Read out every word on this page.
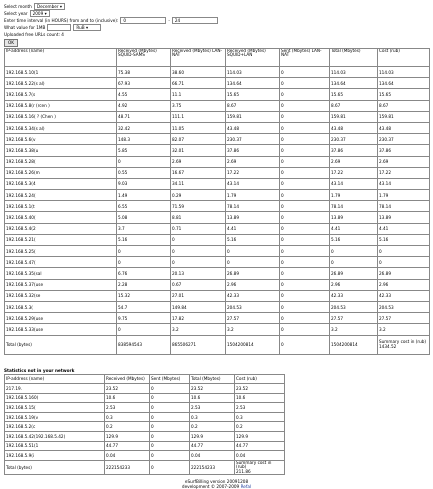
Select month	December ▾
Select year	2009 ▾
Enter time interval (in HOURS) from and to (inclusive):	0	-	24
What value for 1MB	RuB ▾
Uploaded free URLs count: 4
OK
IP-address (name)	Received (Mbytes) SQUID-SAMS	Received (Mbytes) LAN-NAT	Received (Mbytes) SQUID+LAN	Sent (Mbytes) LAN-NAT	Total (Mbytes)	Cost (rub)
192.168.5.10(1	75.38	38.60	114.03	0	114.03	114.03
192.168.5.22(s al)	67.93	66.71	134.64	0	134.64	134.64
192.168.5.7(s	4.55	11.1	15.65	0	15.65	15.65
192.168.5.8(r (rcen )	4.92	3.75	8.67	0	8.67	8.67
192.168.5.16( ? (Chen )	48.71	111.1	159.81	0	159.81	159.81
192.168.5.34(s al)	32.42	11.05	43.48	0	43.48	43.48
192.168.5.6(v	148.3	82.07	230.37	0	230.37	230.37
192.168.5.38(u	5.85	32.01	37.86	0	37.86	37.86
192.168.5.28(	0	2.69	2.69	0	2.69	2.69
192.168.5.26(m	0.55	16.67	17.22	0	17.22	17.22
192.168.5.3(4	9.03	34.11	43.14	0	43.14	43.14
192.168.5.24(	1.49	0.29	1.79	0	1.79	1.79
192.168.5.1(t	6.55	71.59	78.14	0	78.14	78.14
192.168.5.40(	5.08	8.81	13.89	0	13.89	13.89
192.168.5.4(2	3.7	0.71	4.41	0	4.41	4.41
192.168.5.21(	5.16	0	5.16	0	5.16	5.16
192.168.5.25(	0	0	0	0	0	0
192.168.5.47(	0	0	0	0	0	0
192.168.5.35(sal	6.76	20.13	26.89	0	26.89	26.89
192.168.5.37(use	2.28	0.67	2.96	0	2.96	2.96
192.168.5.32(se	15.32	27.01	42.33	0	42.33	42.33
192.168.5.3(	54.7	149.84	204.53	0	204.53	204.53
192.168.5.29(use	9.75	17.82	27.57	0	27.57	27.57
192.168.5.33(use	0	3.2	3.2	0	3.2	3.2
Total (bytes)	838594543	865506271	1504200814	0	1504200814	Summary cost in (rub)
1434.52
Statistics not in your network
IP-address (name)	Received (Mbytes)	Sent (Mbytes)	Total (Mbytes)	Cost (rub)
217.19.	23.52	0	23.52	23.52
192.168.5.160(	10.6	0	10.6	10.6
192.168.5.15(	2.53	0	2.53	2.53
192.168.5.19(v	0.3	0	0.3	0.3
192.168.5.2(c	0.2	0	0.2	0.2
192.168.5.42(192.168.5.42)	129.9	0	129.9	129.9
192.168.5.51(1	44.77	0	44.77	44.77
192.168.5.9(i	0.04	0	0.04	0.04
Total (bytes)	222154233	0	222154233	Summary cost in (rub)
211.86
eSurfBilling version 20091208
development © 2007-2009 Refal
